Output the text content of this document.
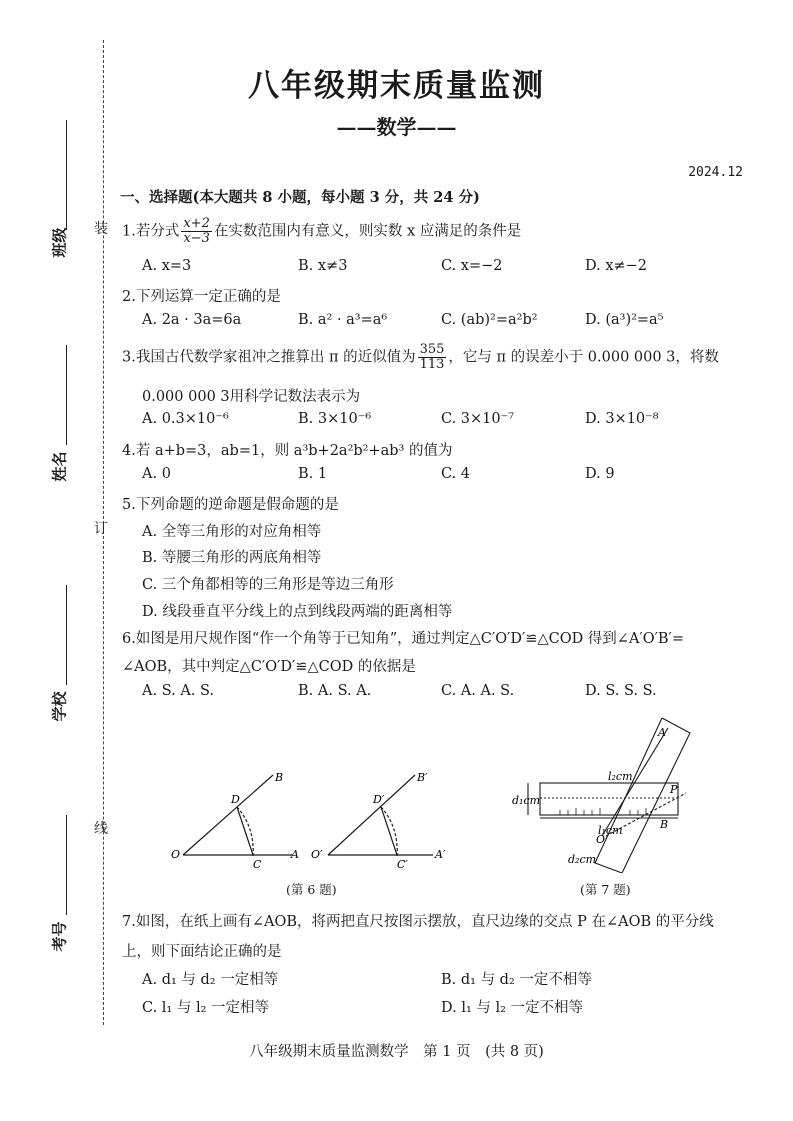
班级
姓名
学校
考号
装
订
线
八年级期末质量监测
——数学——
2024.12
一、选择题(本大题共 8 小题，每小题 3 分，共 24 分)
1.若分式 $\frac{x+2}{x-3}$ 在实数范围内有意义，则实数 x 应满足的条件是
A. x=3	B. x≠3	C. x=−2	D. x≠−2
2.下列运算一定正确的是
A. 2a · 3a=6a	B. a² · a³=a⁶	C. (ab)²=a²b²	D. (a³)²=a⁵
3.我国古代数学家祖冲之推算出 π 的近似值为 $\frac{355}{113}$ ，它与 π 的误差小于 0.000 000 3，将数
0.000 000 3用科学记数法表示为
A. 0.3×10⁻⁶	B. 3×10⁻⁶	C. 3×10⁻⁷	D. 3×10⁻⁸
4.若 a+b=3，ab=1，则 a³b+2a²b²+ab³ 的值为
A. 0	B. 1	C. 4	D. 9
5.下列命题的逆命题是假命题的是
A. 全等三角形的对应角相等
B. 等腰三角形的两底角相等
C. 三个角都相等的三角形是等边三角形
D. 线段垂直平分线上的点到线段两端的距离相等
6.如图是用尺规作图“作一个角等于已知角”，通过判定△C′O′D′≌△COD 得到∠A′O′B′=
∠AOB，其中判定△C′O′D′≌△COD 的依据是
A. S. A. S.	B. A. S. A.	C. A. A. S.	D. S. S. S.
O	A
B
C
D
O′	A′
B′
C′
D′
(第 6 题)
A
B
P
O
l₂cm
l₁cm
d₁cm
d₂cm
(第 7 题)
7.如图，在纸上画有∠AOB，将两把直尺按图示摆放，直尺边缘的交点 P 在∠AOB 的平分线
上，则下面结论正确的是
A. d₁ 与 d₂ 一定相等	B. d₁ 与 d₂ 一定不相等
C. l₁ 与 l₂ 一定相等	D. l₁ 与 l₂ 一定不相等
八年级期末质量监测数学　第 1 页　(共 8 页)
